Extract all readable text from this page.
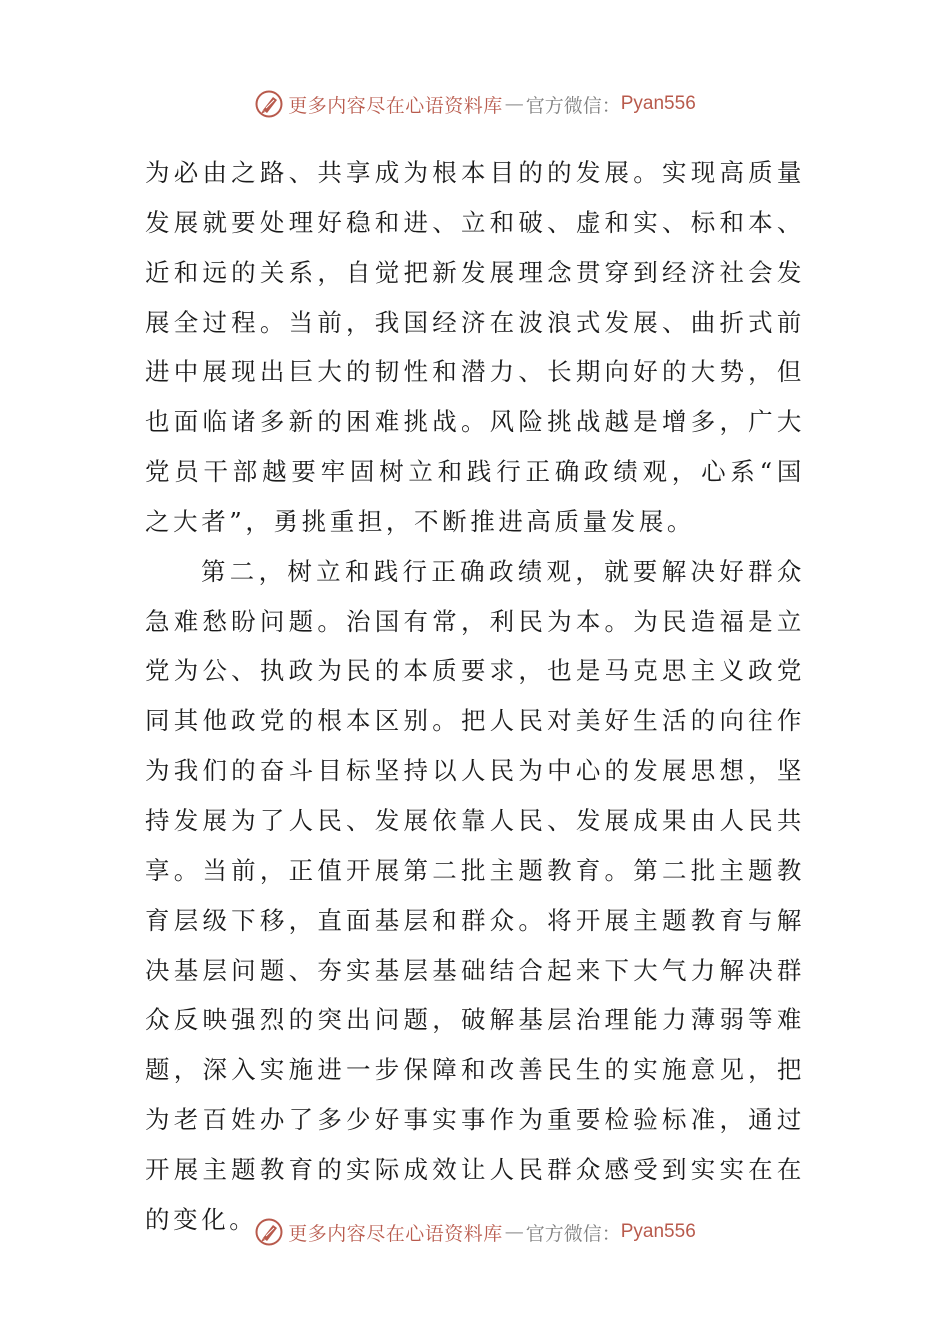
更多内容尽在心语资料库 — 官方微信： Pyan556

为必由之路、共享成为根本目的的发展。实现高质量发展就要处理好稳和进、立和破、虚和实、标和本、近和远的关系，自觉把新发展理念贯穿到经济社会发展全过程。当前，我国经济在波浪式发展、曲折式前进中展现出巨大的韧性和潜力、长期向好的大势，但也面临诸多新的困难挑战。风险挑战越是增多，广大党员干部越要牢固树立和践行正确政绩观，心系“国之大者”，勇挑重担，不断推进高质量发展。

第二，树立和践行正确政绩观，就要解决好群众急难愁盼问题。治国有常，利民为本。为民造福是立党为公、执政为民的本质要求，也是马克思主义政党同其他政党的根本区别。把人民对美好生活的向往作为我们的奋斗目标坚持以人民为中心的发展思想，坚持发展为了人民、发展依靠人民、发展成果由人民共享。当前，正值开展第二批主题教育。第二批主题教育层级下移，直面基层和群众。将开展主题教育与解决基层问题、夯实基层基础结合起来下大气力解决群众反映强烈的突出问题，破解基层治理能力薄弱等难题，深入实施进一步保障和改善民生的实施意见，把为老百姓办了多少好事实事作为重要检验标准，通过开展主题教育的实际成效让人民群众感受到实实在在的变化。	更多内容尽在心语资料库 — 官方微信： Pyan556
